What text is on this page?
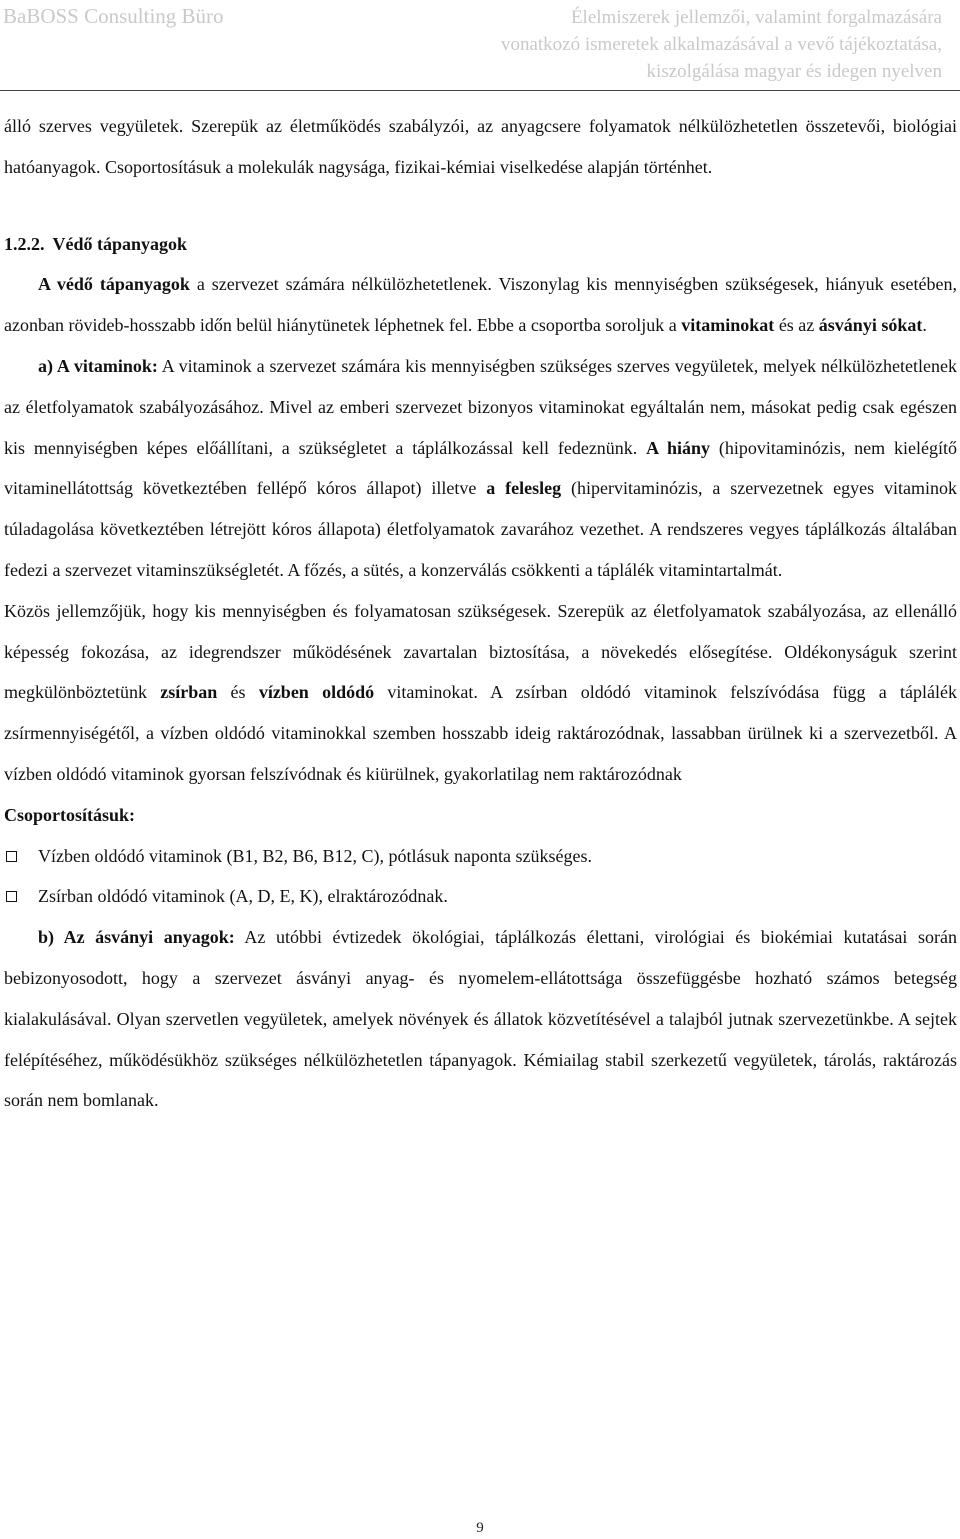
BaBOSS Consulting Büro	Élelmiszerek jellemzői, valamint forgalmazására
vonatkozó ismeretek alkalmazásával a vevő tájékoztatása,
kiszolgálása magyar és idegen nyelven

álló szerves vegyületek. Szerepük az életműködés szabályzói, az anyagcsere folyamatok nélkülözhetetlen összetevői, biológiai hatóanyagok. Csoportosításuk a molekulák nagysága, fizikai-kémiai viselkedése alapján történhet.

1.2.2. Védő tápanyagok

A védő tápanyagok a szervezet számára nélkülözhetetlenek. Viszonylag kis mennyiségben szükségesek, hiányuk esetében, azonban rövideb-hosszabb időn belül hiánytünetek léphetnek fel. Ebbe a csoportba soroljuk a vitaminokat és az ásványi sókat.

a) A vitaminok: A vitaminok a szervezet számára kis mennyiségben szükséges szerves vegyületek, melyek nélkülözhetetlenek az életfolyamatok szabályozásához. Mivel az emberi szervezet bizonyos vitaminokat egyáltalán nem, másokat pedig csak egészen kis mennyiségben képes előállítani, a szükségletet a táplálkozással kell fedeznünk. A hiány (hipovitaminózis, nem kielégítő vitaminellátottság következtében fellépő kóros állapot) illetve a felesleg (hipervitaminózis, a szervezetnek egyes vitaminok túladagolása következtében létrejött kóros állapota) életfolyamatok zavarához vezethet. A rendszeres vegyes táplálkozás általában fedezi a szervezet vitaminszükségletét. A főzés, a sütés, a konzerválás csökkenti a táplálék vitamintartalmát.

Közös jellemzőjük, hogy kis mennyiségben és folyamatosan szükségesek. Szerepük az életfolyamatok szabályozása, az ellenálló képesség fokozása, az idegrendszer működésének zavartalan biztosítása, a növekedés elősegítése. Oldékonyságuk szerint megkülönböztetünk zsírban és vízben oldódó vitaminokat. A zsírban oldódó vitaminok felszívódása függ a táplálék zsírmennyiségétől, a vízben oldódó vitaminokkal szemben hosszabb ideig raktározódnak, lassabban ürülnek ki a szervezetből. A vízben oldódó vitaminok gyorsan felszívódnak és kiürülnek, gyakorlatilag nem raktározódnak

Csoportosításuk:

Vízben oldódó vitaminok (B1, B2, B6, B12, C), pótlásuk naponta szükséges.
Zsírban oldódó vitaminok (A, D, E, K), elraktározódnak.

b) Az ásványi anyagok: Az utóbbi évtizedek ökológiai, táplálkozás élettani, virológiai és biokémiai kutatásai során bebizonyosodott, hogy a szervezet ásványi anyag- és nyomelem-ellátottsága összefüggésbe hozható számos betegség kialakulásával. Olyan szervetlen vegyületek, amelyek növények és állatok közvetítésével a talajból jutnak szervezetünkbe. A sejtek felépítéséhez, működésükhöz szükséges nélkülözhetetlen tápanyagok. Kémiailag stabil szerkezetű vegyületek, tárolás, raktározás során nem bomlanak.

9
